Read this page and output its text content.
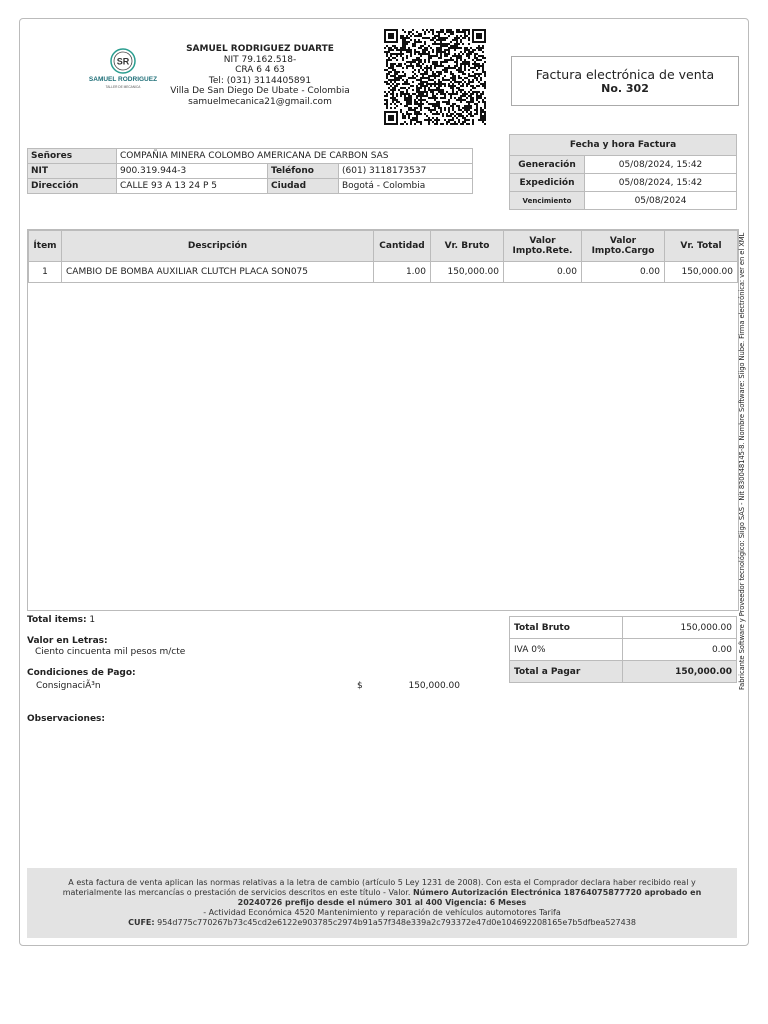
SR
SAMUEL RODRIGUEZ
TALLER DE MECANICA
SAMUEL RODRIGUEZ DUARTE
NIT 79.162.518-
CRA 6 4 63
Tel: (031) 3114405891
Villa De San Diego De Ubate - Colombia
samuelmecanica21@gmail.com
Factura electrónica de venta
No. 302
Señores	COMPAÑIA MINERA COLOMBO AMERICANA DE CARBON SAS		
NIT	900.319.944-3	Teléfono	(601) 3118173537
Dirección	CALLE 93 A 13 24 P 5	Ciudad	Bogotá - Colombia
Fecha y hora Factura	
Generación	05/08/2024, 15:42
Expedición	05/08/2024, 15:42
Vencimiento	05/08/2024
Ítem	Descripción	Cantidad	Vr. Bruto	Valor Impto.Rete.	Valor Impto.Cargo	Vr. Total
1	CAMBIO DE BOMBA AUXILIAR CLUTCH PLACA SON075	1.00	150,000.00	0.00	0.00	150,000.00 Fabricante Software y Proveedor tecnológico: Siigo SAS - Nit 830048145-8. Nombre Software: Siigo Nube. Firma electrónica: ver en el XML
Total items: 1
Valor en Letras:
Ciento cincuenta mil pesos m/cte
Condiciones de Pago:
ConsignaciÃ³n	$	150,000.00
Observaciones:
Total Bruto	150,000.00
IVA 0%	0.00
Total a Pagar	150,000.00
A esta factura de venta aplican las normas relativas a la letra de cambio (artículo 5 Ley 1231 de 2008). Con esta el Comprador declara haber recibido real y materialmente las mercancías o prestación de servicios descritos en este título - Valor. Número Autorización Electrónica 18764075877720 aprobado en 20240726 prefijo desde el número 301 al 400 Vigencia: 6 Meses
- Actividad Económica 4520 Mantenimiento y reparación de vehículos automotores Tarifa
CUFE: 954d775c770267b73c45cd2e6122e903785c2974b91a57f348e339a2c793372e47d0e104692208165e7b5dfbea527438
